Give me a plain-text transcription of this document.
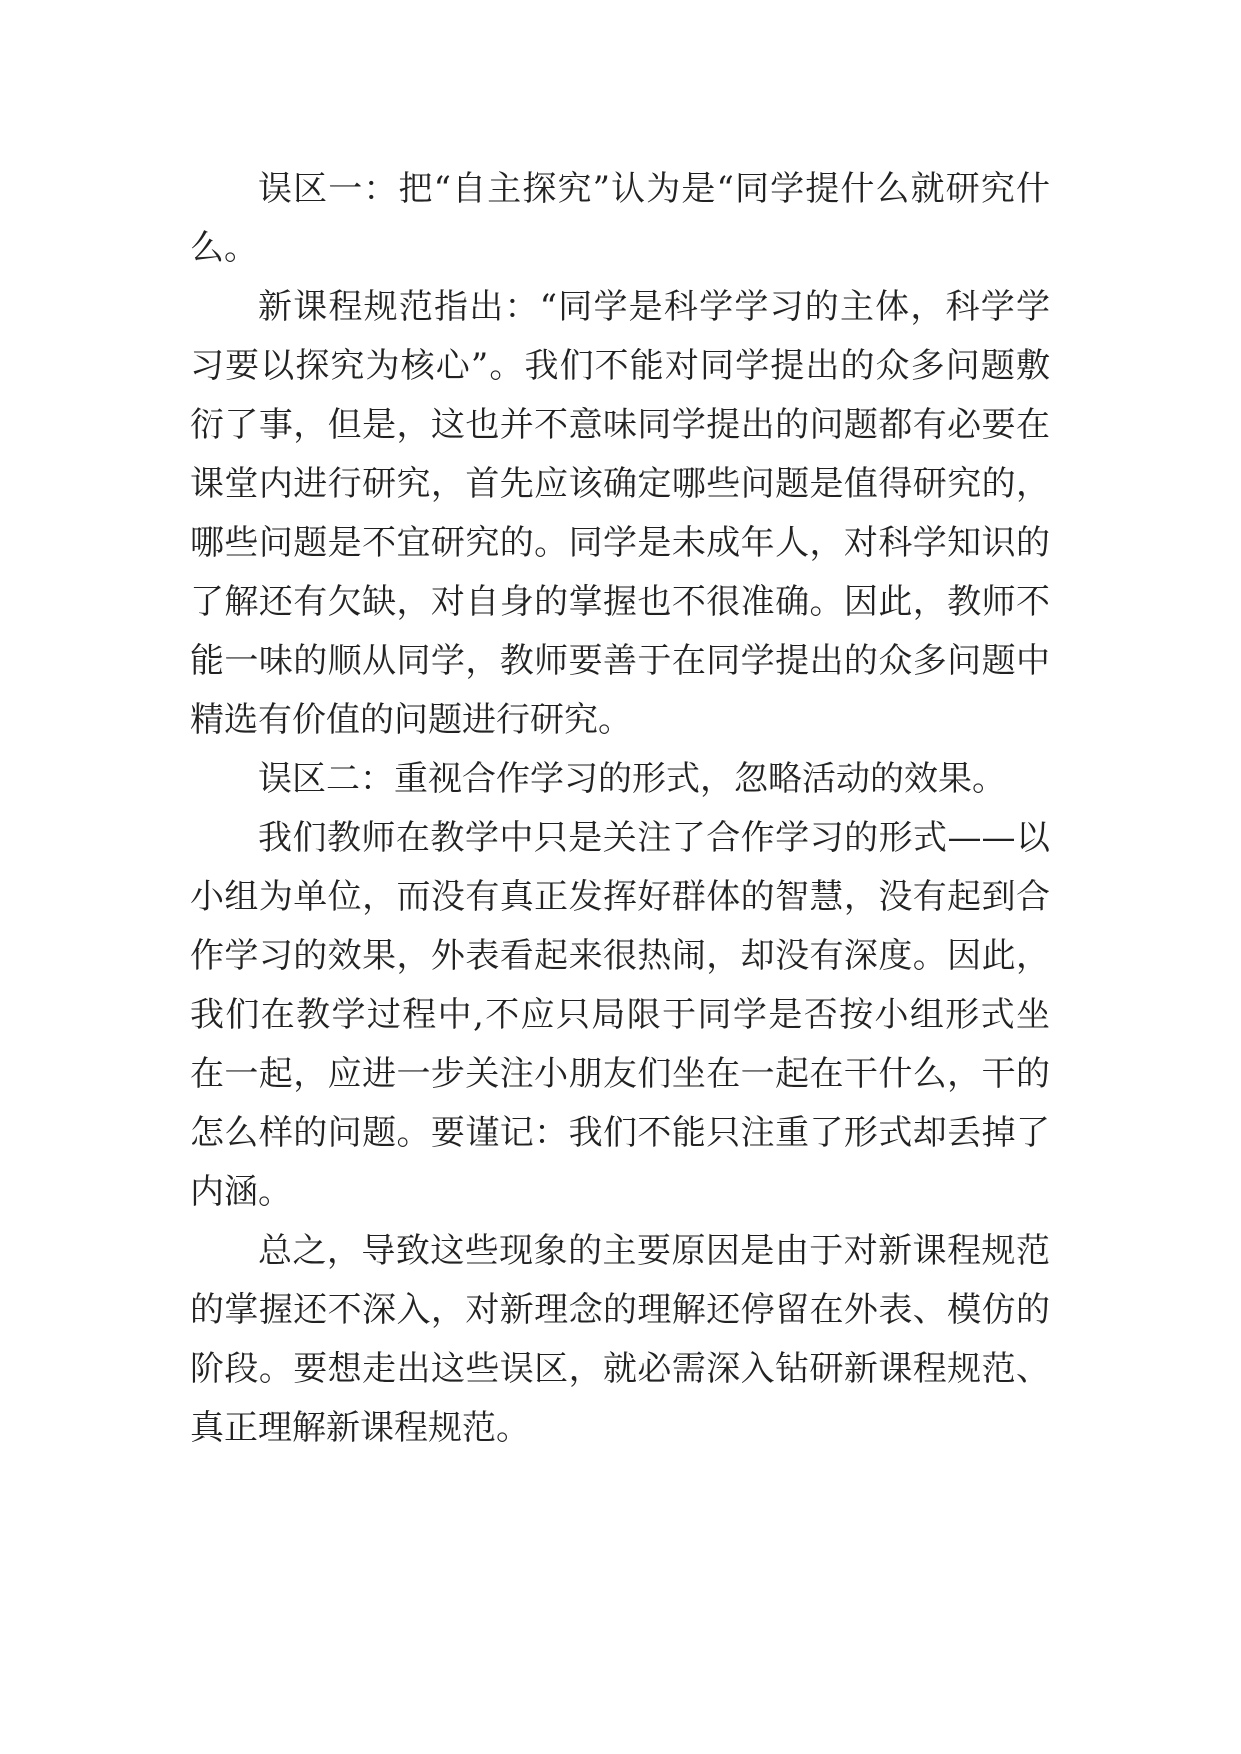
误区一：把“自主探究”认为是“同学提什么就研究什么。

新课程规范指出：“同学是科学学习的主体，科学学习要以探究为核心”。我们不能对同学提出的众多问题敷衍了事，但是，这也并不意味同学提出的问题都有必要在课堂内进行研究，首先应该确定哪些问题是值得研究的，哪些问题是不宜研究的。同学是未成年人，对科学知识的了解还有欠缺，对自身的掌握也不很准确。因此，教师不能一味的顺从同学，教师要善于在同学提出的众多问题中精选有价值的问题进行研究。

误区二：重视合作学习的形式，忽略活动的效果。

我们教师在教学中只是关注了合作学习的形式——以小组为单位，而没有真正发挥好群体的智慧，没有起到合作学习的效果，外表看起来很热闹，却没有深度。因此，我们在教学过程中,不应只局限于同学是否按小组形式坐在一起，应进一步关注小朋友们坐在一起在干什么，干的怎么样的问题。要谨记：我们不能只注重了形式却丢掉了内涵。

总之，导致这些现象的主要原因是由于对新课程规范的掌握还不深入，对新理念的理解还停留在外表、模仿的阶段。要想走出这些误区，就必需深入钻研新课程规范、真正理解新课程规范。
